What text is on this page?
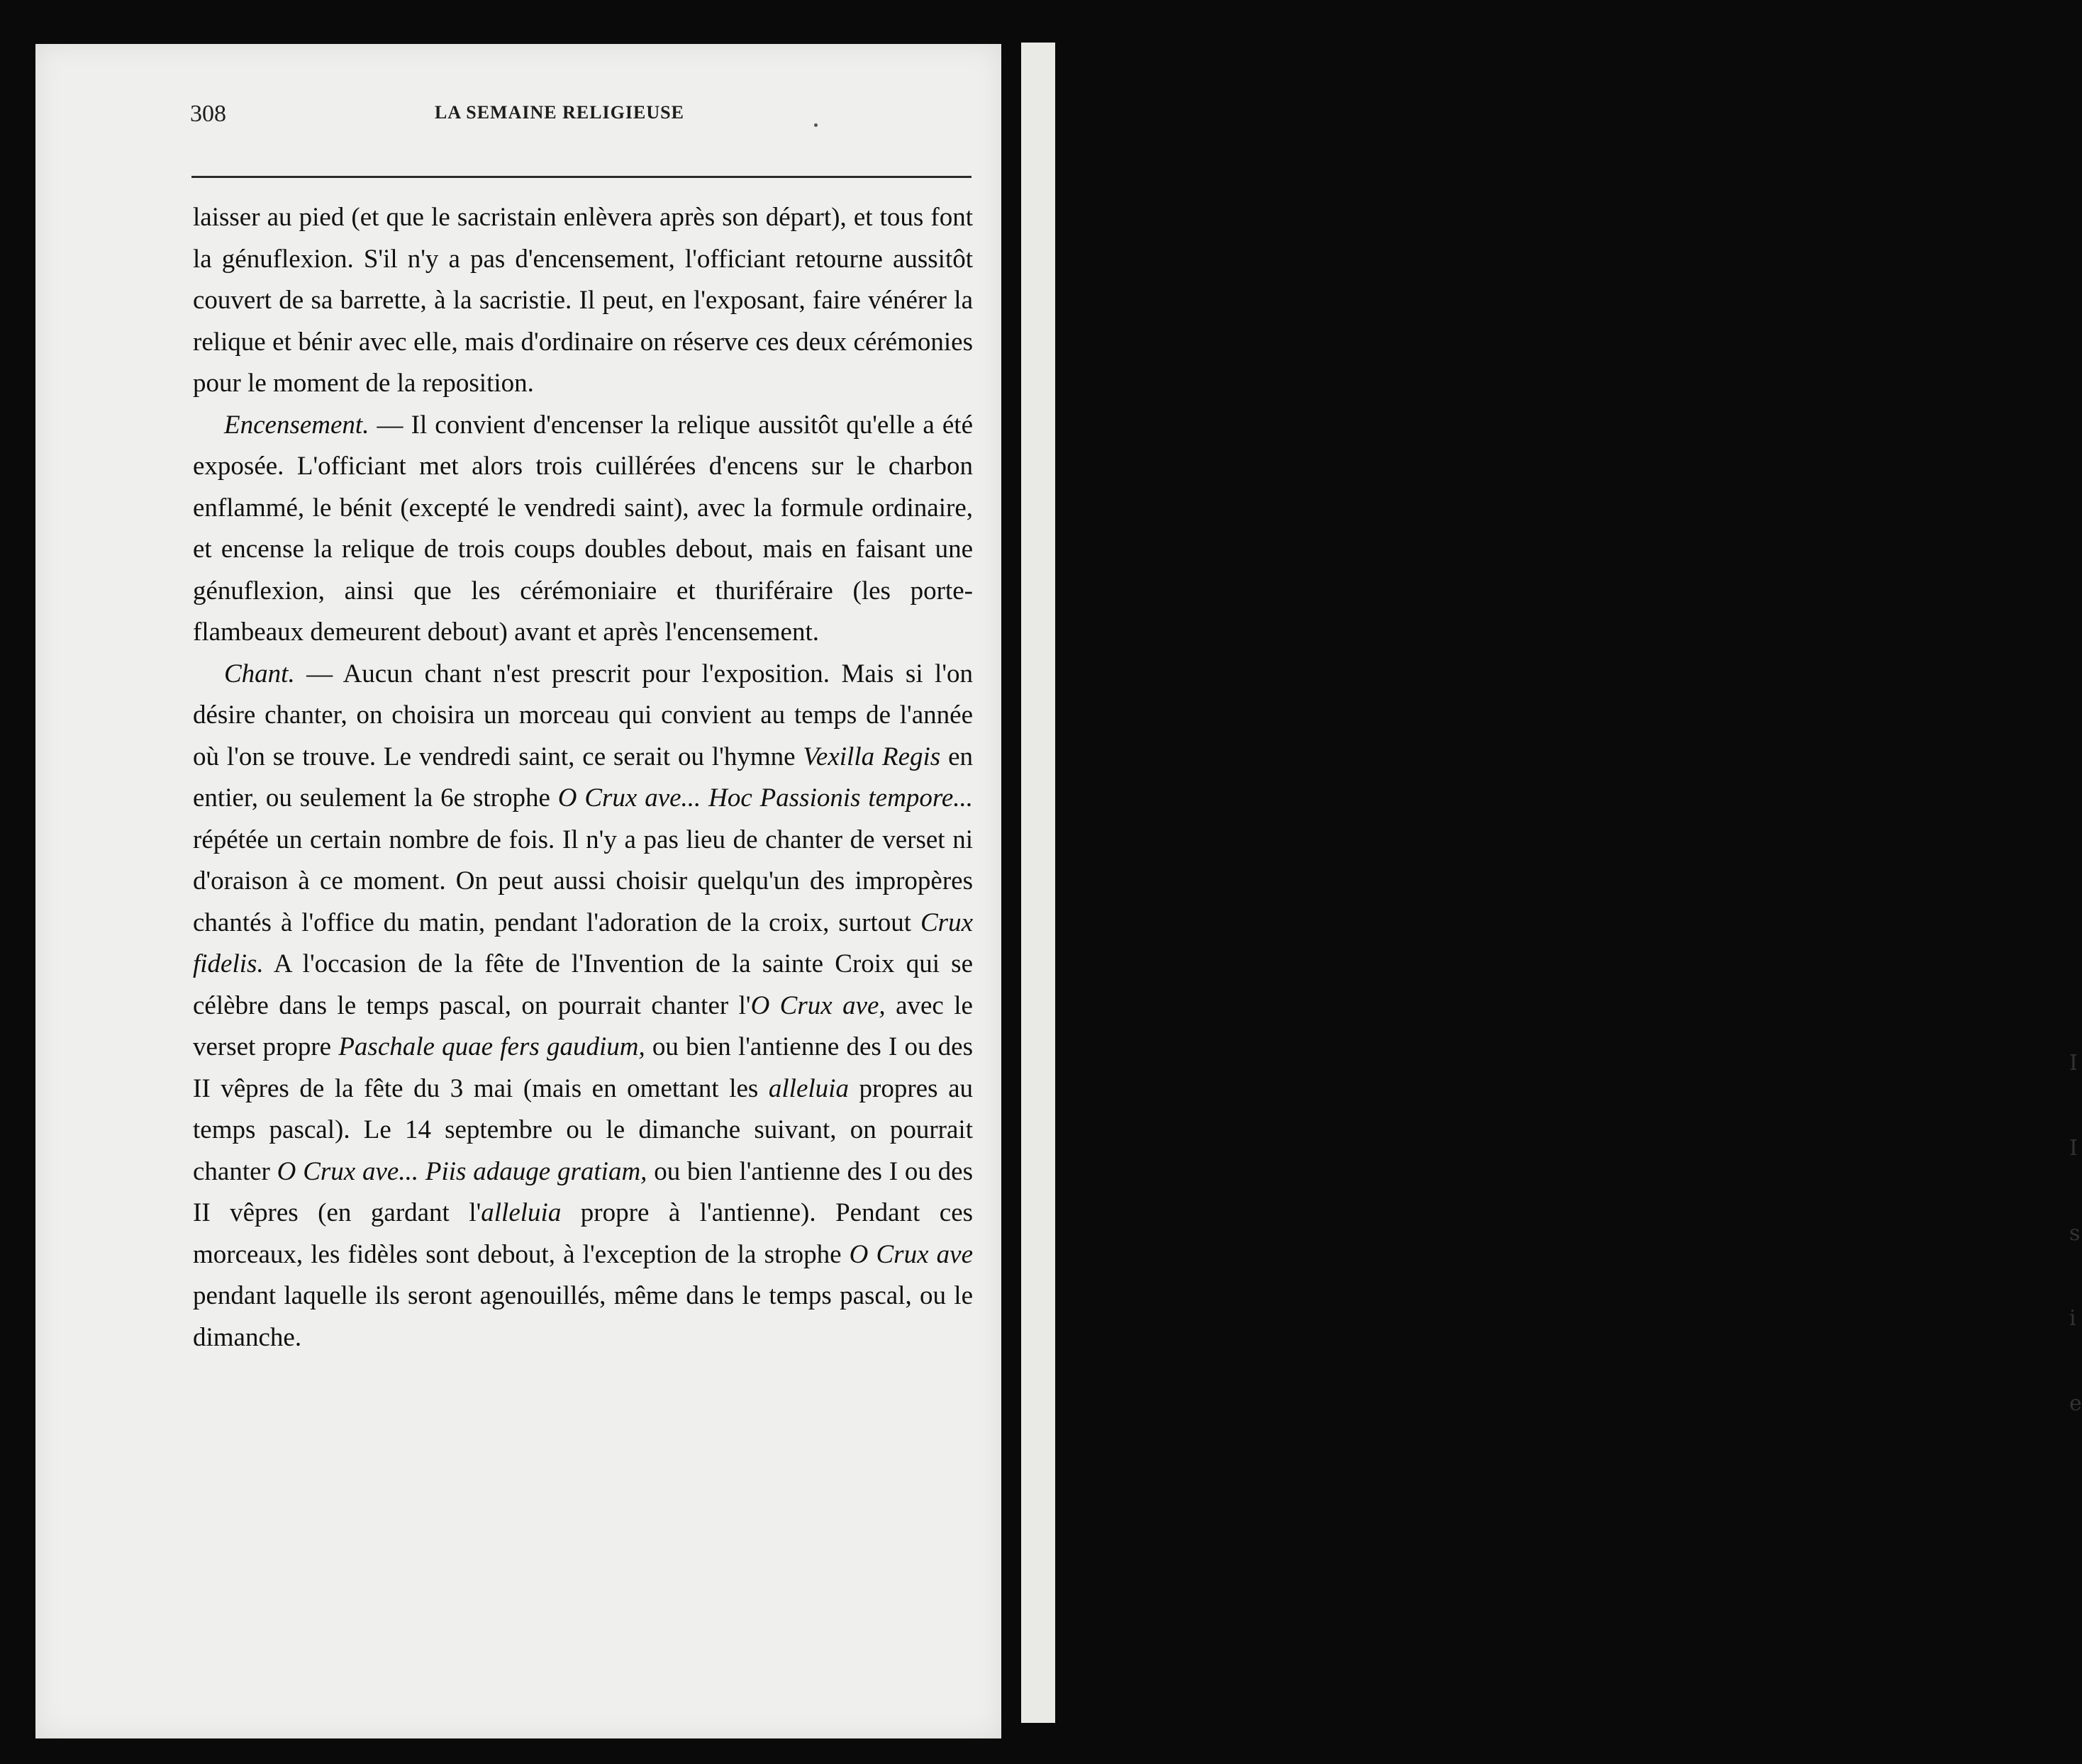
I I s i e
308	LA SEMAINE RELIGIEUSE

laisser au pied (et que le sacristain enlèvera après son départ), et tous font la génuflexion. S'il n'y a pas d'encensement, l'officiant retourne aussitôt couvert de sa barrette, à la sacristie. Il peut, en l'exposant, faire vénérer la relique et bénir avec elle, mais d'ordinaire on réserve ces deux cérémonies pour le moment de la reposition.

Encensement. — Il convient d'encenser la relique aussitôt qu'elle a été exposée. L'officiant met alors trois cuillérées d'encens sur le charbon enflammé, le bénit (excepté le vendredi saint), avec la formule ordinaire, et encense la relique de trois coups doubles debout, mais en faisant une génuflexion, ainsi que les cérémoniaire et thuriféraire (les porte-flambeaux demeurent debout) avant et après l'encensement.

Chant. — Aucun chant n'est prescrit pour l'exposition. Mais si l'on désire chanter, on choisira un morceau qui convient au temps de l'année où l'on se trouve. Le vendredi saint, ce serait ou l'hymne Vexilla Regis en entier, ou seulement la 6e strophe O Crux ave... Hoc Passionis tempore... répétée un certain nombre de fois. Il n'y a pas lieu de chanter de verset ni d'oraison à ce moment. On peut aussi choisir quelqu'un des impropères chantés à l'office du matin, pendant l'adoration de la croix, surtout Crux fidelis. A l'occasion de la fête de l'Invention de la sainte Croix qui se célèbre dans le temps pascal, on pourrait chanter l'O Crux ave, avec le verset propre Paschale quae fers gaudium, ou bien l'antienne des I ou des II vêpres de la fête du 3 mai (mais en omettant les alleluia propres au temps pascal). Le 14 septembre ou le dimanche suivant, on pourrait chanter O Crux ave... Piis adauge gratiam, ou bien l'antienne des I ou des II vêpres (en gardant l'alleluia propre à l'antienne). Pendant ces morceaux, les fidèles sont debout, à l'exception de la strophe O Crux ave pendant laquelle ils seront agenouillés, même dans le temps pascal, ou le dimanche.
